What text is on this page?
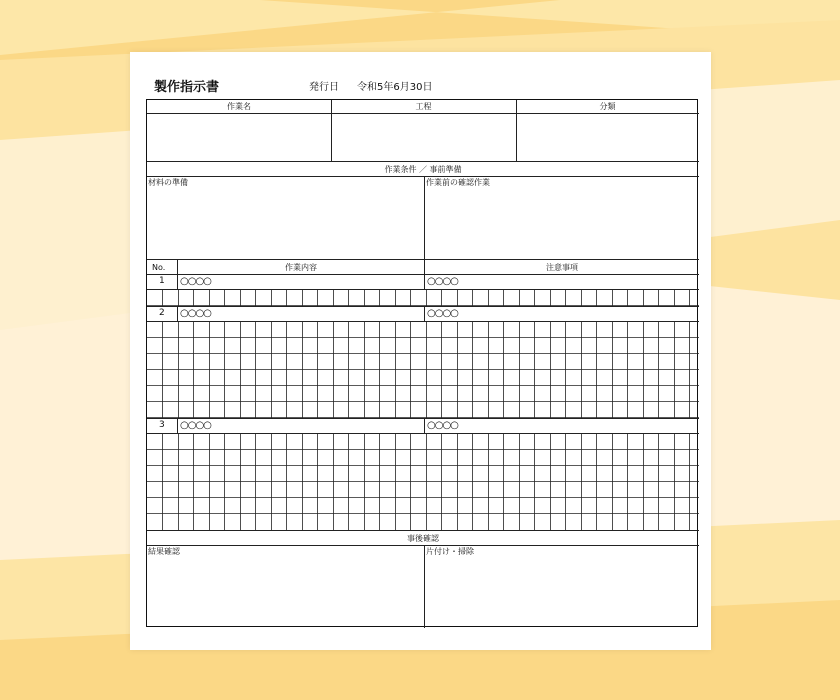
製作指示書	発行日 令和5年6月30日
作業名	工程	分類
作業条件 ／ 事前準備
材料の準備	作業前の確認作業
No.	作業内容	注意事項
1 ○○○○	○○○○
2 ○○○○	○○○○
3 ○○○○	○○○○
事後確認
結果確認	片付け・掃除
